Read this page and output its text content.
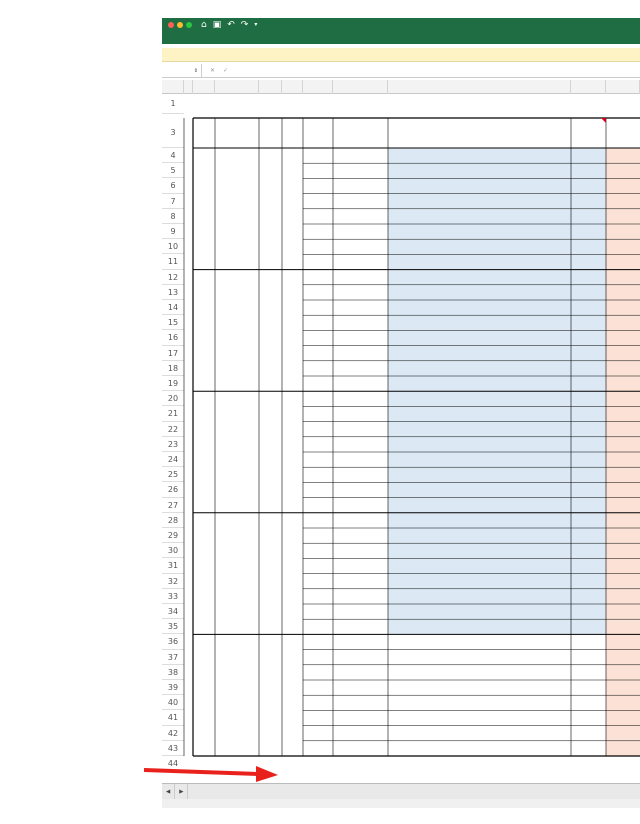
⌂ ▣ ↶ ↷ ▾
⇕ ✕ ✓
1
3
4
5
6
7
8
9
10
11
12
13
14
15
16
17
18
19
20
21
22
23
24
25
26
27
28
29
30
31
32
33
34
35
36
37
38
39
40
41
42
43
44
◀	▶
